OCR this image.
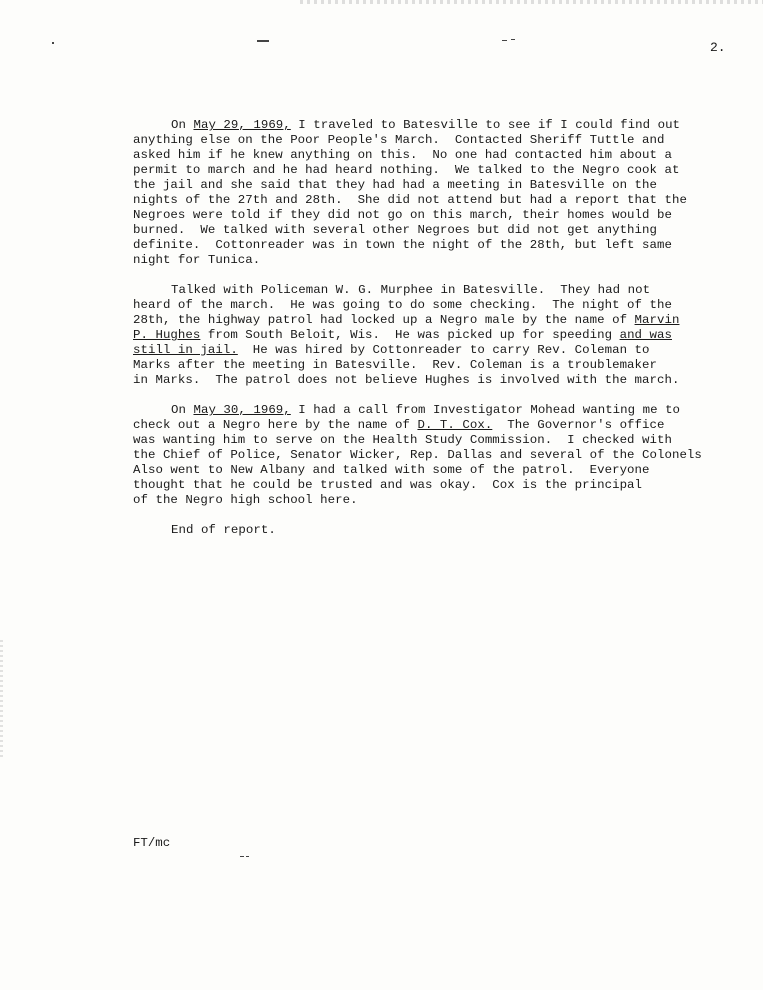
2.
On May 29, 1969, I traveled to Batesville to see if I could find out
anything else on the Poor People's March.  Contacted Sheriff Tuttle and
asked him if he knew anything on this.  No one had contacted him about a
permit to march and he had heard nothing.  We talked to the Negro cook at
the jail and she said that they had had a meeting in Batesville on the
nights of the 27th and 28th.  She did not attend but had a report that the
Negroes were told if they did not go on this march, their homes would be
burned.  We talked with several other Negroes but did not get anything
definite.  Cottonreader was in town the night of the 28th, but left same
night for Tunica.
Talked with Policeman W. G. Murphee in Batesville.  They had not
heard of the march.  He was going to do some checking.  The night of the
28th, the highway patrol had locked up a Negro male by the name of Marvin
P. Hughes from South Beloit, Wis.  He was picked up for speeding and was
still in jail.  He was hired by Cottonreader to carry Rev. Coleman to
Marks after the meeting in Batesville.  Rev. Coleman is a troublemaker
in Marks.  The patrol does not believe Hughes is involved with the march.
On May 30, 1969, I had a call from Investigator Mohead wanting me to
check out a Negro here by the name of D. T. Cox.  The Governor's office
was wanting him to serve on the Health Study Commission.  I checked with
the Chief of Police, Senator Wicker, Rep. Dallas and several of the Colonels
Also went to New Albany and talked with some of the patrol.  Everyone
thought that he could be trusted and was okay.  Cox is the principal
of the Negro high school here.
End of report.
FT/mc
